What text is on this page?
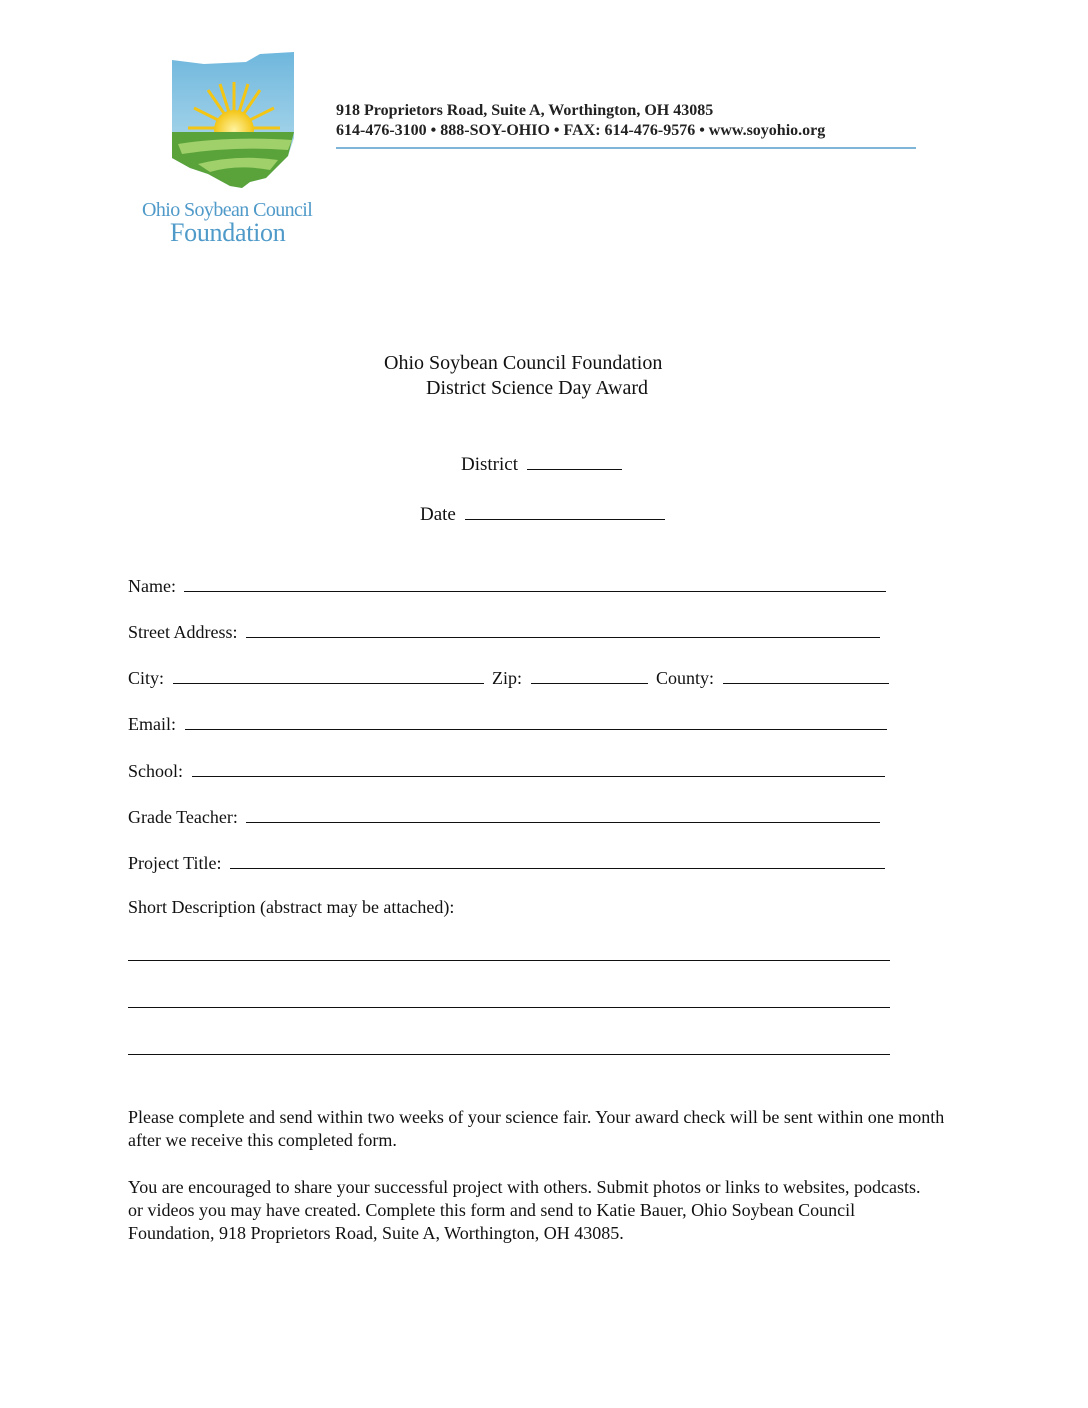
Ohio Soybean Council
Foundation
918 Proprietors Road, Suite A, Worthington, OH 43085
614-476-3100 • 888-SOY-OHIO • FAX: 614-476-9576 • www.soyohio.org
Ohio Soybean Council Foundation
District Science Day Award
District
Date
Name:
Street Address:
City:	Zip:	County:
Email:
School:
Grade Teacher:
Project Title:
Short Description (abstract may be attached):
Please complete and send within two weeks of your science fair. Your award check will be sent within one month after we receive this completed form.
You are encouraged to share your successful project with others. Submit photos or links to websites, podcasts. or videos you may have created. Complete this form and send to Katie Bauer, Ohio Soybean Council Foundation, 918 Proprietors Road, Suite A, Worthington, OH 43085.
